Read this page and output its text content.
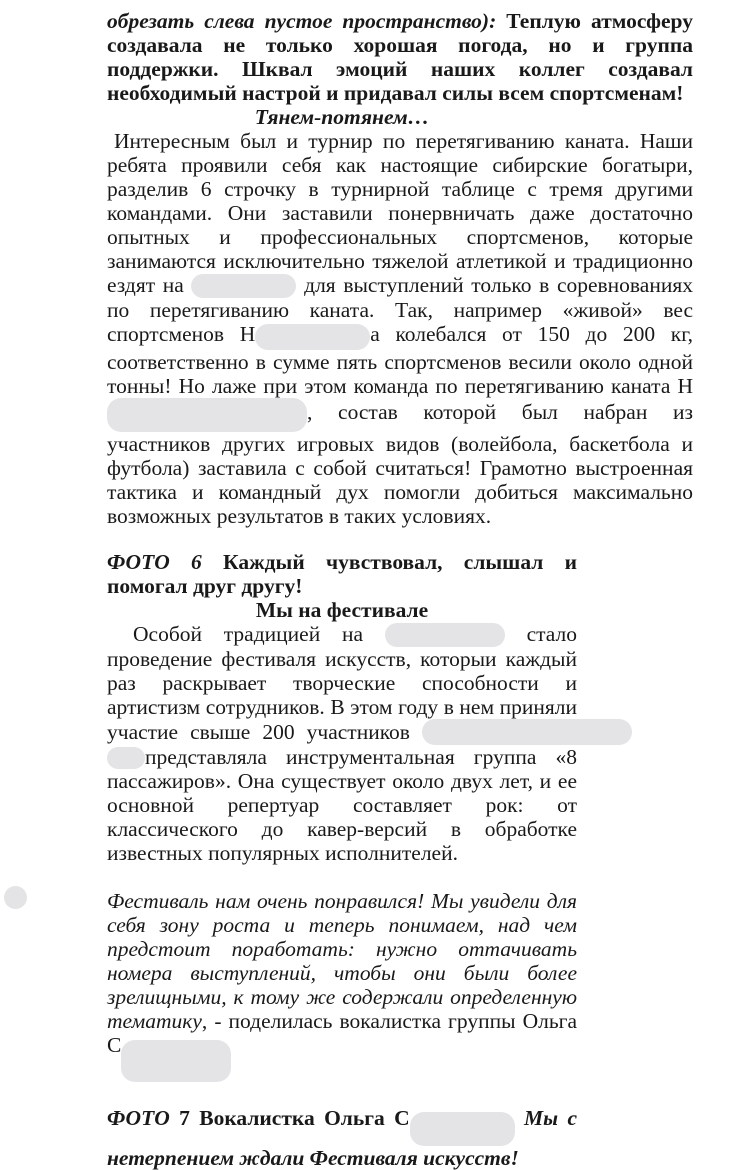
обрезать слева пустое пространство): Теплую атмосферу создавала не только хорошая погода, но и группа поддержки. Шквал эмоций наших коллег создавал необходимый настрой и придавал силы всем спортсменам!

Тянем-потянем…

Интересным был и турнир по перетягиванию каната. Наши ребята проявили себя как настоящие сибирские богатыри, разделив 6 строчку в турнирной таблице с тремя другими командами. Они заставили понервничать даже достаточно опытных и профессиональных спортсменов, которые занимаются исключительно тяжелой атлетикой и традиционно ездят на	для выступлений только в соревнованиях по перетягиванию каната. Так, например «живой» вес спортсменов Н	а колебался от 150 до 200 кг, соответственно в сумме пять спортсменов весили около одной тонны! Но лаже при этом команда по перетягиванию каната Н, состав которой был набран из участников других игровых видов (волейбола, баскетбола и футбола) заставила с собой считаться! Грамотно выстроенная тактика и командный дух помогли добиться максимально возможных результатов в таких условиях.

ФОТО 6 Каждый чувствовал, слышал и помогал друг другу!

Мы на фестивале

Особой традицией на	стало проведение фестиваля искусств, которыи каждый раз раскрывает творческие способности и артистизм сотрудников. В этом году в нем приняли участие свыше 200 участников  представляла инструментальная группа «8 пассажиров». Она существует около двух лет, и ее основной репертуар составляет рок: от классического до кавер-версий в обработке известных популярных исполнителей.

Фестиваль нам очень понравился! Мы увидели для себя зону роста и теперь понимаем, над чем предстоит поработать: нужно оттачивать номера выступлений, чтобы они были более зрелищными, к тому же содержали определенную тематику, - поделилась вокалистка группы Ольга С

ФОТО 7 Вокалистка Ольга С	Мы с нетерпением ждали Фестиваля искусств!
